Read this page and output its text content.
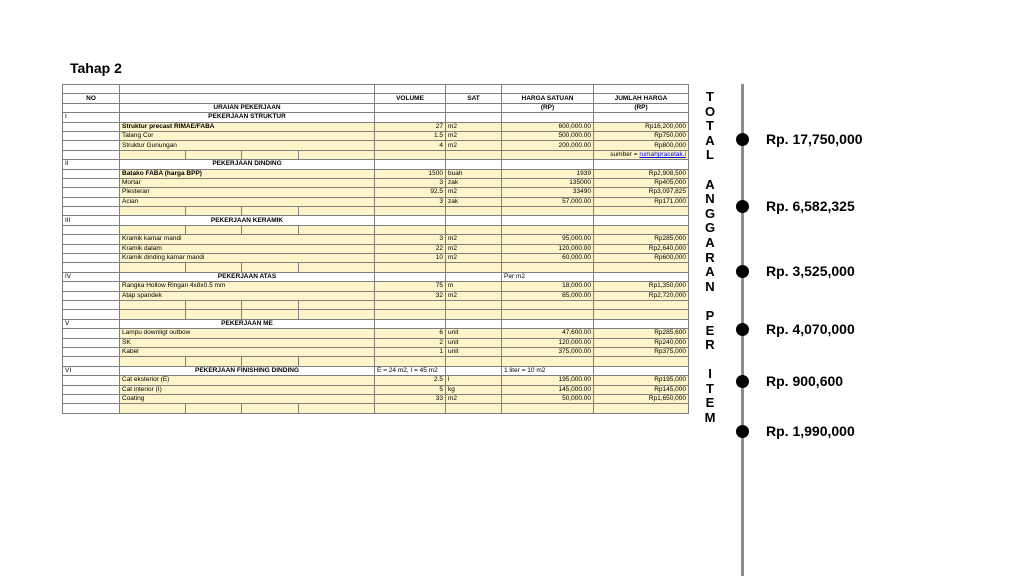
Tahap 2

NO					VOLUME	SAT	HARGA SATUAN	JUMLAH HARGA
	URAIAN PEKERJAAN						(RP)	(RP)
I	PEKERJAAN STRUKTUR							
	Struktur precast RIMAE/FABA				27	m2	600,000.00	Rp16,200,000
	Talang Cor				1.5	m2	500,000.00	Rp750,000
	Struktur Gunungan				4	m2	200,000.00	Rp800,000
								sumber = rumahpracetak.i
II	PEKERJAAN DINDING							
	Batako FABA (harga BPP)				1500	buah	1939	Rp2,908,500
	Mortar				3	zak	135000	Rp405,000
	Plesteran				92.5	m2	33490	Rp3,097,825
	Acian				3	zak	57,000.00	Rp171,000

III	PEKERJAAN KERAMIK							

	Kramik kamar mandi				3	m2	95,000.00	Rp285,000
	Kramik dalam				22	m2	120,000.00	Rp2,640,000
	Kramik dinding kamar mandi				10	m2	60,000.00	Rp600,000

IV	PEKERJAAN ATAS						Per m2	
	Rangka Hollow Ringan 4x8x0.5 mm				75	m	18,000.00	Rp1,350,000
	Atap spandek				32	m2	85,000.00	Rp2,720,000

V	PEKERJAAN ME							
	Lampu downligt outbow				6	unit	47,600.00	Rp285,600
	SK				2	unit	120,000.00	Rp240,000
	Kabel				1	unit	375,000.00	Rp375,000

VI	PEKERJAAN FINISHING DINDING				E = 24 m2, I = 45 m2		1 liter = 10 m2	
	Cat eksterior (E)				2.5	l	195,000.00	Rp195,000
	Cat interior (I)				5	kg	145,000.00	Rp145,000
	Coating				33	m2	50,000.00	Rp1,650,000

T
O
T
A
L

A
N
G
G
A
R
A
N

P
E
R

I
T
E
M
Rp. 17,750,000
Rp. 6,582,325
Rp. 3,525,000
Rp. 4,070,000
Rp. 900,600
Rp. 1,990,000
